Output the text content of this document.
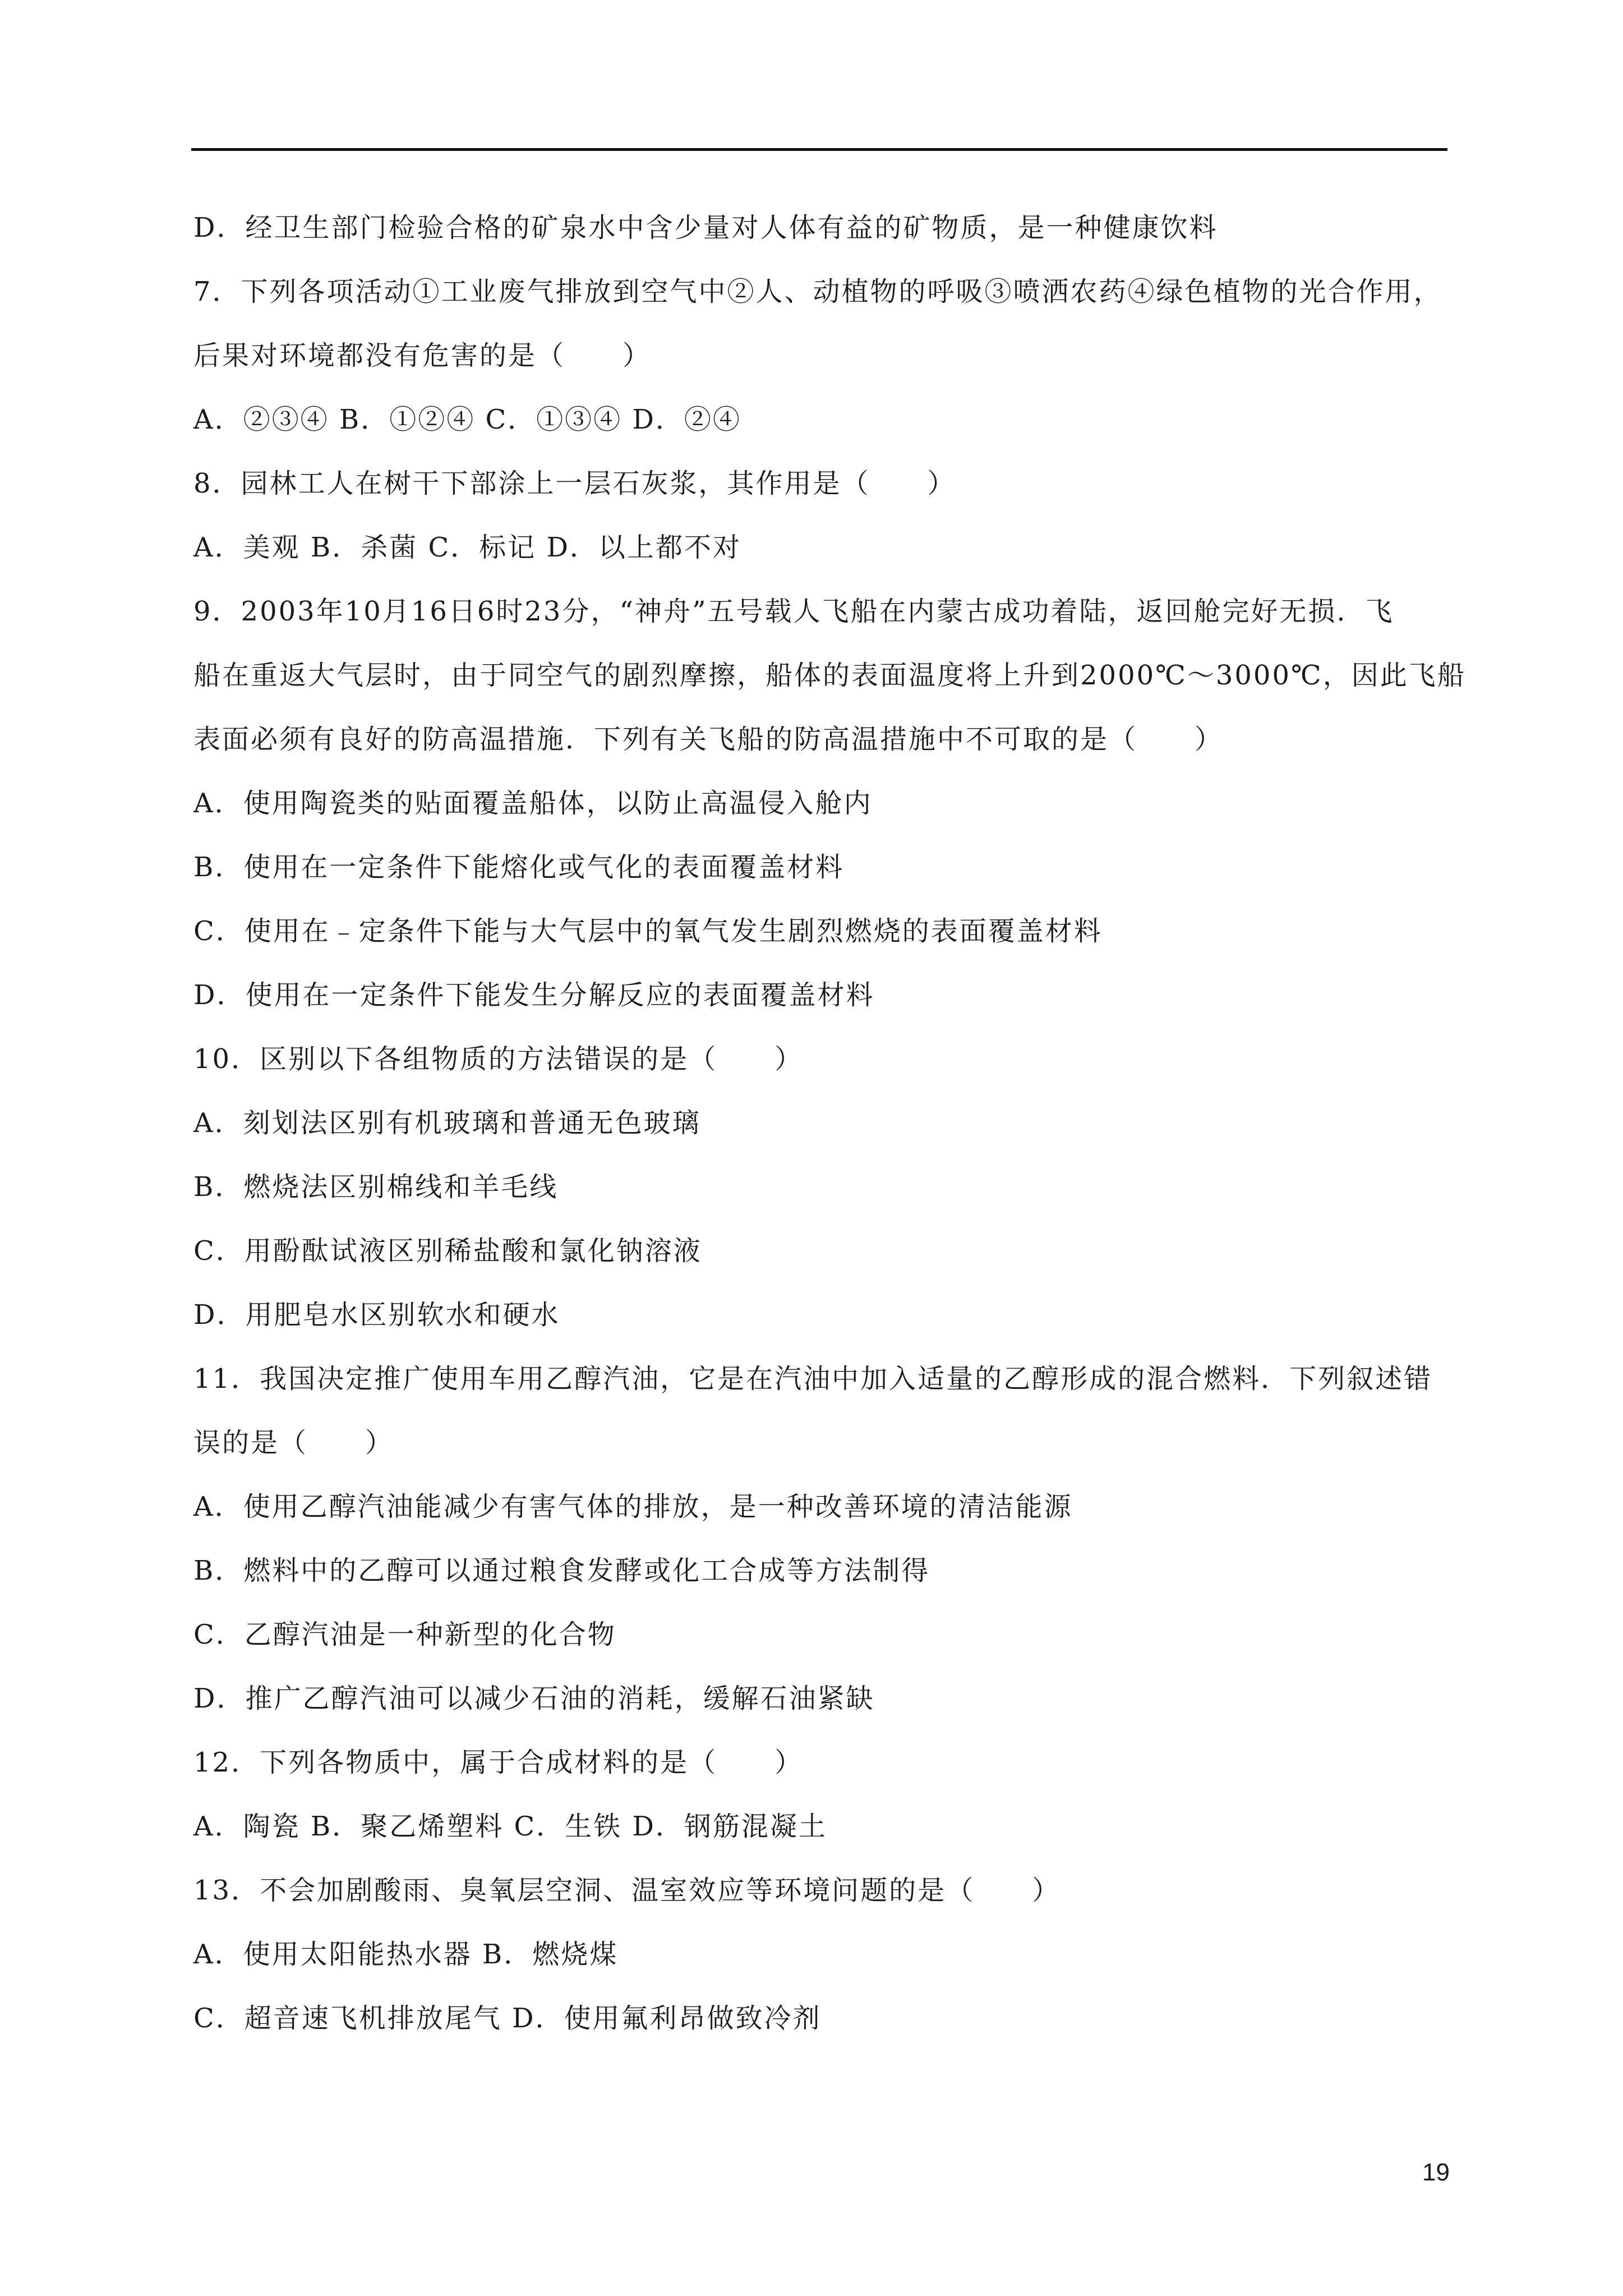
D．经卫生部门检验合格的矿泉水中含少量对人体有益的矿物质，是一种健康饮料
7．下列各项活动①工业废气排放到空气中②人、动植物的呼吸③喷洒农药④绿色植物的光合作用，
后果对环境都没有危害的是（　　）
A．②③④ B．①②④ C．①③④ D．②④
8．园林工人在树干下部涂上一层石灰浆，其作用是（　　）
A．美观 B．杀菌 C．标记 D．以上都不对
9．2003年10月16日6时23分，“神舟”五号载人飞船在内蒙古成功着陆，返回舱完好无损．飞
船在重返大气层时，由于同空气的剧烈摩擦，船体的表面温度将上升到2000℃～3000℃，因此飞船
表面必须有良好的防高温措施．下列有关飞船的防高温措施中不可取的是（　　）
A．使用陶瓷类的贴面覆盖船体，以防止高温侵入舱内
B．使用在一定条件下能熔化或气化的表面覆盖材料
C．使用在﹣定条件下能与大气层中的氧气发生剧烈燃烧的表面覆盖材料
D．使用在一定条件下能发生分解反应的表面覆盖材料
10．区别以下各组物质的方法错误的是（　　）
A．刻划法区别有机玻璃和普通无色玻璃
B．燃烧法区别棉线和羊毛线
C．用酚酞试液区别稀盐酸和氯化钠溶液
D．用肥皂水区别软水和硬水
11．我国决定推广使用车用乙醇汽油，它是在汽油中加入适量的乙醇形成的混合燃料．下列叙述错
误的是（　　）
A．使用乙醇汽油能减少有害气体的排放，是一种改善环境的清洁能源
B．燃料中的乙醇可以通过粮食发酵或化工合成等方法制得
C．乙醇汽油是一种新型的化合物
D．推广乙醇汽油可以减少石油的消耗，缓解石油紧缺
12．下列各物质中，属于合成材料的是（　　）
A．陶瓷 B．聚乙烯塑料 C．生铁 D．钢筋混凝土
13．不会加剧酸雨、臭氧层空洞、温室效应等环境问题的是（　　）
A．使用太阳能热水器 B．燃烧煤
C．超音速飞机排放尾气 D．使用氟利昂做致冷剂
19
